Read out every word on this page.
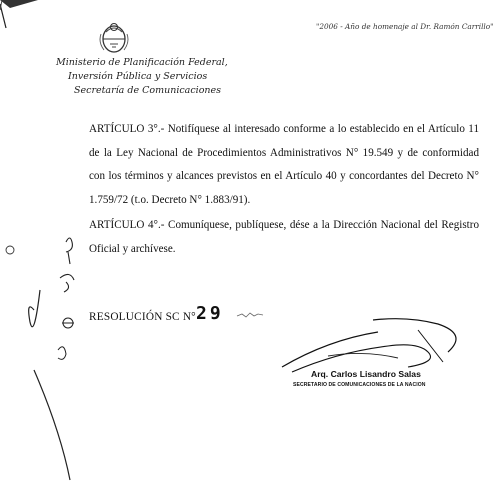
"2006 - Año de homenaje al Dr. Ramón Carrillo"
Ministerio de Planificación Federal,
Inversión Pública y Servicios
Secretaría de Comunicaciones

ARTÍCULO 3°.- Notifíquese al interesado conforme a lo establecido en el Artículo 11 de la Ley Nacional de Procedimientos Administrativos N° 19.549 y de conformidad con los términos y alcances previstos en el Artículo 40 y concordantes del Decreto N° 1.759/72 (t.o. Decreto N° 1.883/91).

ARTÍCULO 4°.- Comuníquese, publíquese, dése a la Dirección Nacional del Registro Oficial y archívese.

RESOLUCIÓN SC N° 29
Arq. Carlos Lisandro Salas
SECRETARIO DE COMUNICACIONES DE LA NACION
